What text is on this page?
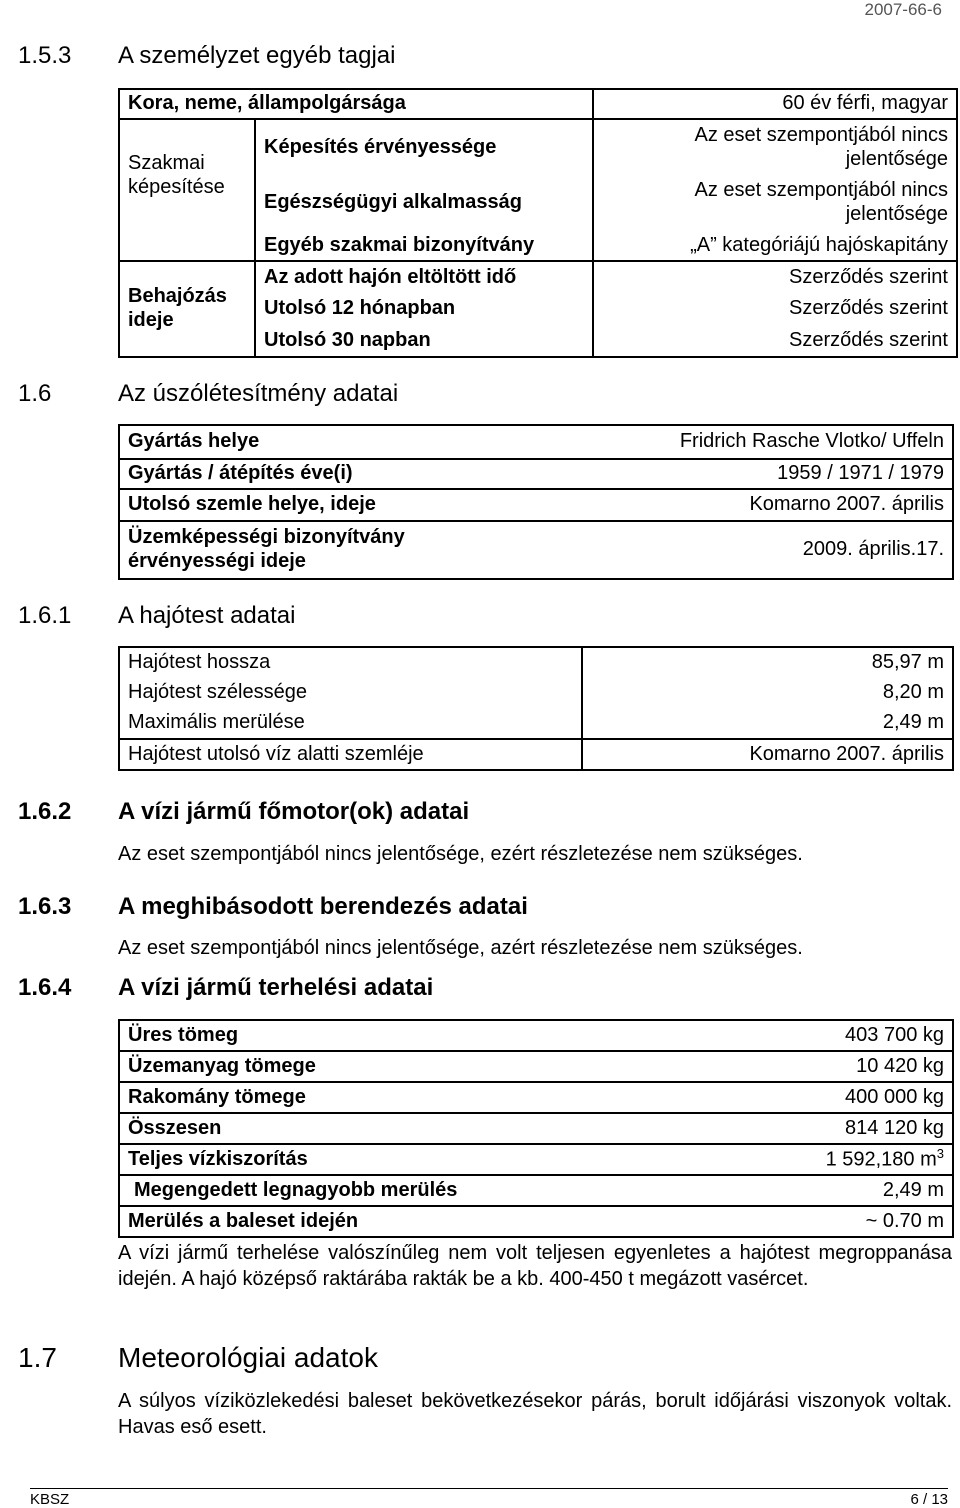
2007-66-6
1.5.3 A személyzet egyéb tagjai
Kora, neme, állampolgársága		60 év férfi, magyar
Szakmai képesítése	Képesítés érvényessége	Az eset szempontjából nincs jelentősége
	Egészségügyi alkalmasság	Az eset szempontjából nincs jelentősége
	Egyéb szakmai bizonyítvány	„A” kategóriájú hajóskapitány
Behajózás ideje	Az adott hajón eltöltött idő	Szerződés szerint
	Utolsó 12 hónapban	Szerződés szerint
	Utolsó 30 napban	Szerződés szerint
1.6	Az úszólétesítmény adatai
Gyártás helye	Fridrich Rasche Vlotko/ Uffeln
Gyártás / átépítés éve(i)	1959 / 1971 / 1979
Utolsó szemle helye, ideje	Komarno 2007. április
Üzemképességi bizonyítvány érvényességi ideje	2009. április.17.
1.6.1 A hajótest adatai
Hajótest hossza	85,97 m
Hajótest szélessége	8,20 m
Maximális merülése	2,49 m
Hajótest utolsó víz alatti szemléje	Komarno 2007. április
1.6.2 A vízi jármű főmotor(ok) adatai
Az eset szempontjából nincs jelentősége, ezért részletezése nem szükséges.
1.6.3 A meghibásodott berendezés adatai
Az eset szempontjából nincs jelentősége, azért részletezése nem szükséges.
1.6.4 A vízi jármű terhelési adatai
Üres tömeg	403 700 kg
Üzemanyag tömege	10 420 kg
Rakomány tömege	400 000 kg
Összesen	814 120 kg
Teljes vízkiszorítás	1 592,180 $m^3$
Megengedett legnagyobb merülés	2,49 m
Merülés a baleset idején	~ 0.70 m
A vízi jármű terhelése valószínűleg nem volt teljesen egyenletes a hajótest megroppanása idején. A hajó középső raktárába rakták be a kb. 400-450 t megázott vasércet.
1.7 Meteorológiai adatok
A súlyos víziközlekedési baleset bekövetkezésekor párás, borult időjárási viszonyok voltak. Havas eső esett.
KBSZ	6 / 13
